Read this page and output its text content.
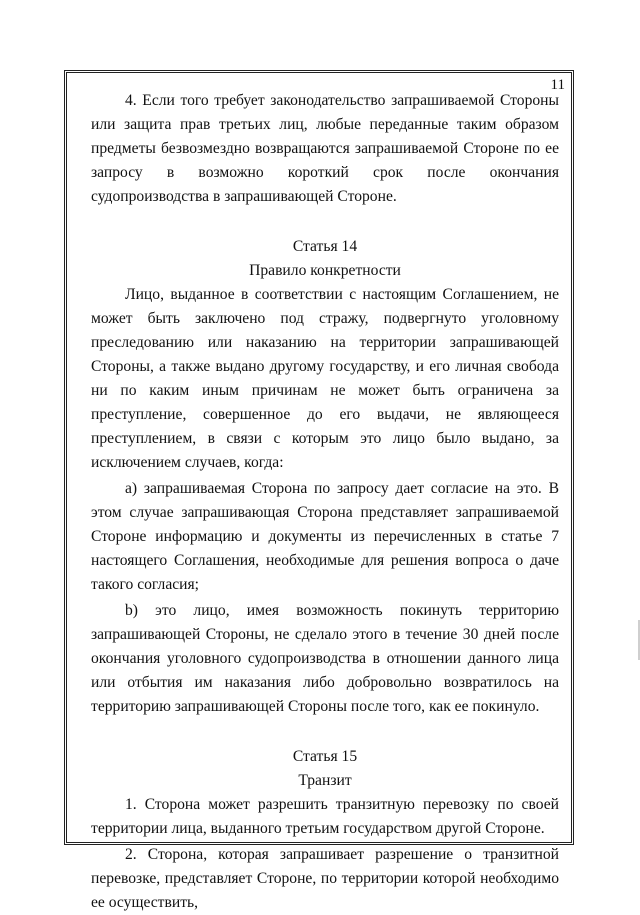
11

4. Если того требует законодательство запрашиваемой Стороны или защита прав третьих лиц, любые переданные таким образом предметы безвозмездно возвращаются запрашиваемой Стороне по ее запросу в возможно короткий срок после окончания судопроизводства в запрашивающей Стороне.

Статья 14

Правило конкретности

Лицо, выданное в соответствии с настоящим Соглашением, не может быть заключено под стражу, подвергнуто уголовному преследованию или наказанию на территории запрашивающей Стороны, а также выдано другому государству, и его личная свобода ни по каким иным причинам не может быть ограничена за преступление, совершенное до его выдачи, не являющееся преступлением, в связи с которым это лицо было выдано, за исключением случаев, когда:

а) запрашиваемая Сторона по запросу дает согласие на это. В этом случае запрашивающая Сторона представляет запрашиваемой Стороне информацию и документы из перечисленных в статье 7 настоящего Соглашения, необходимые для решения вопроса о даче такого согласия;

b) это лицо, имея возможность покинуть территорию запрашивающей Стороны, не сделало этого в течение 30 дней после окончания уголовного судопроизводства в отношении данного лица или отбытия им наказания либо добровольно возвратилось на территорию запрашивающей Стороны после того, как ее покинуло.

Статья 15

Транзит

1. Сторона может разрешить транзитную перевозку по своей территории лица, выданного третьим государством другой Стороне.

2. Сторона, которая запрашивает разрешение о транзитной перевозке, представляет Стороне, по территории которой необходимо ее осуществить,
